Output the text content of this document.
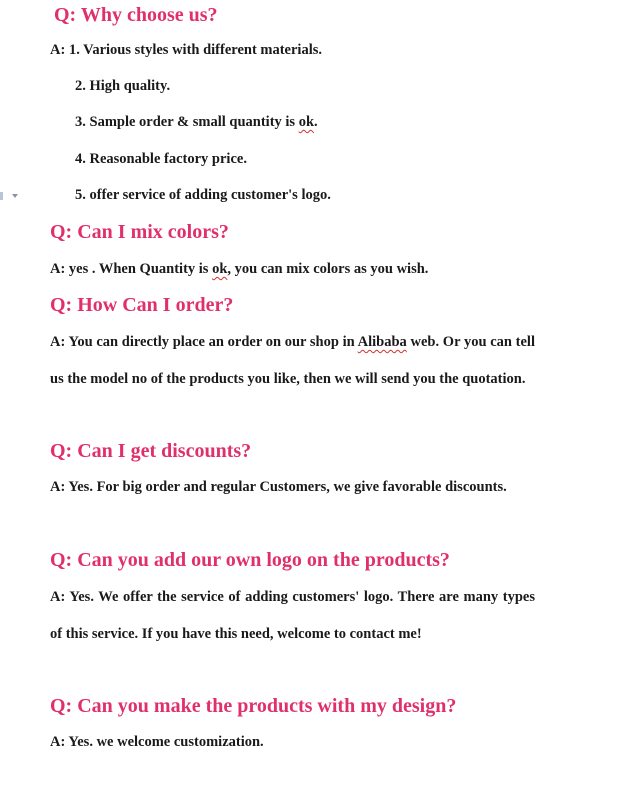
Q: Why choose us?

A: 1. Various styles with different materials.

2. High quality.

3. Sample order & small quantity is ok.

4. Reasonable factory price.

5. offer service of adding customer's logo.

Q: Can I mix colors?

A: yes . When Quantity is ok, you can mix colors as you wish.

Q: How Can I order?

A: You can directly place an order on our shop in Alibaba web. Or you can tell us the model no of the products you like, then we will send you the quotation.

Q: Can I get discounts?

A: Yes. For big order and regular Customers, we give favorable discounts.

Q: Can you add our own logo on the products?

A: Yes. We offer the service of adding customers' logo. There are many types of this service. If you have this need, welcome to contact me!

Q: Can you make the products with my design?

A: Yes. we welcome customization.
